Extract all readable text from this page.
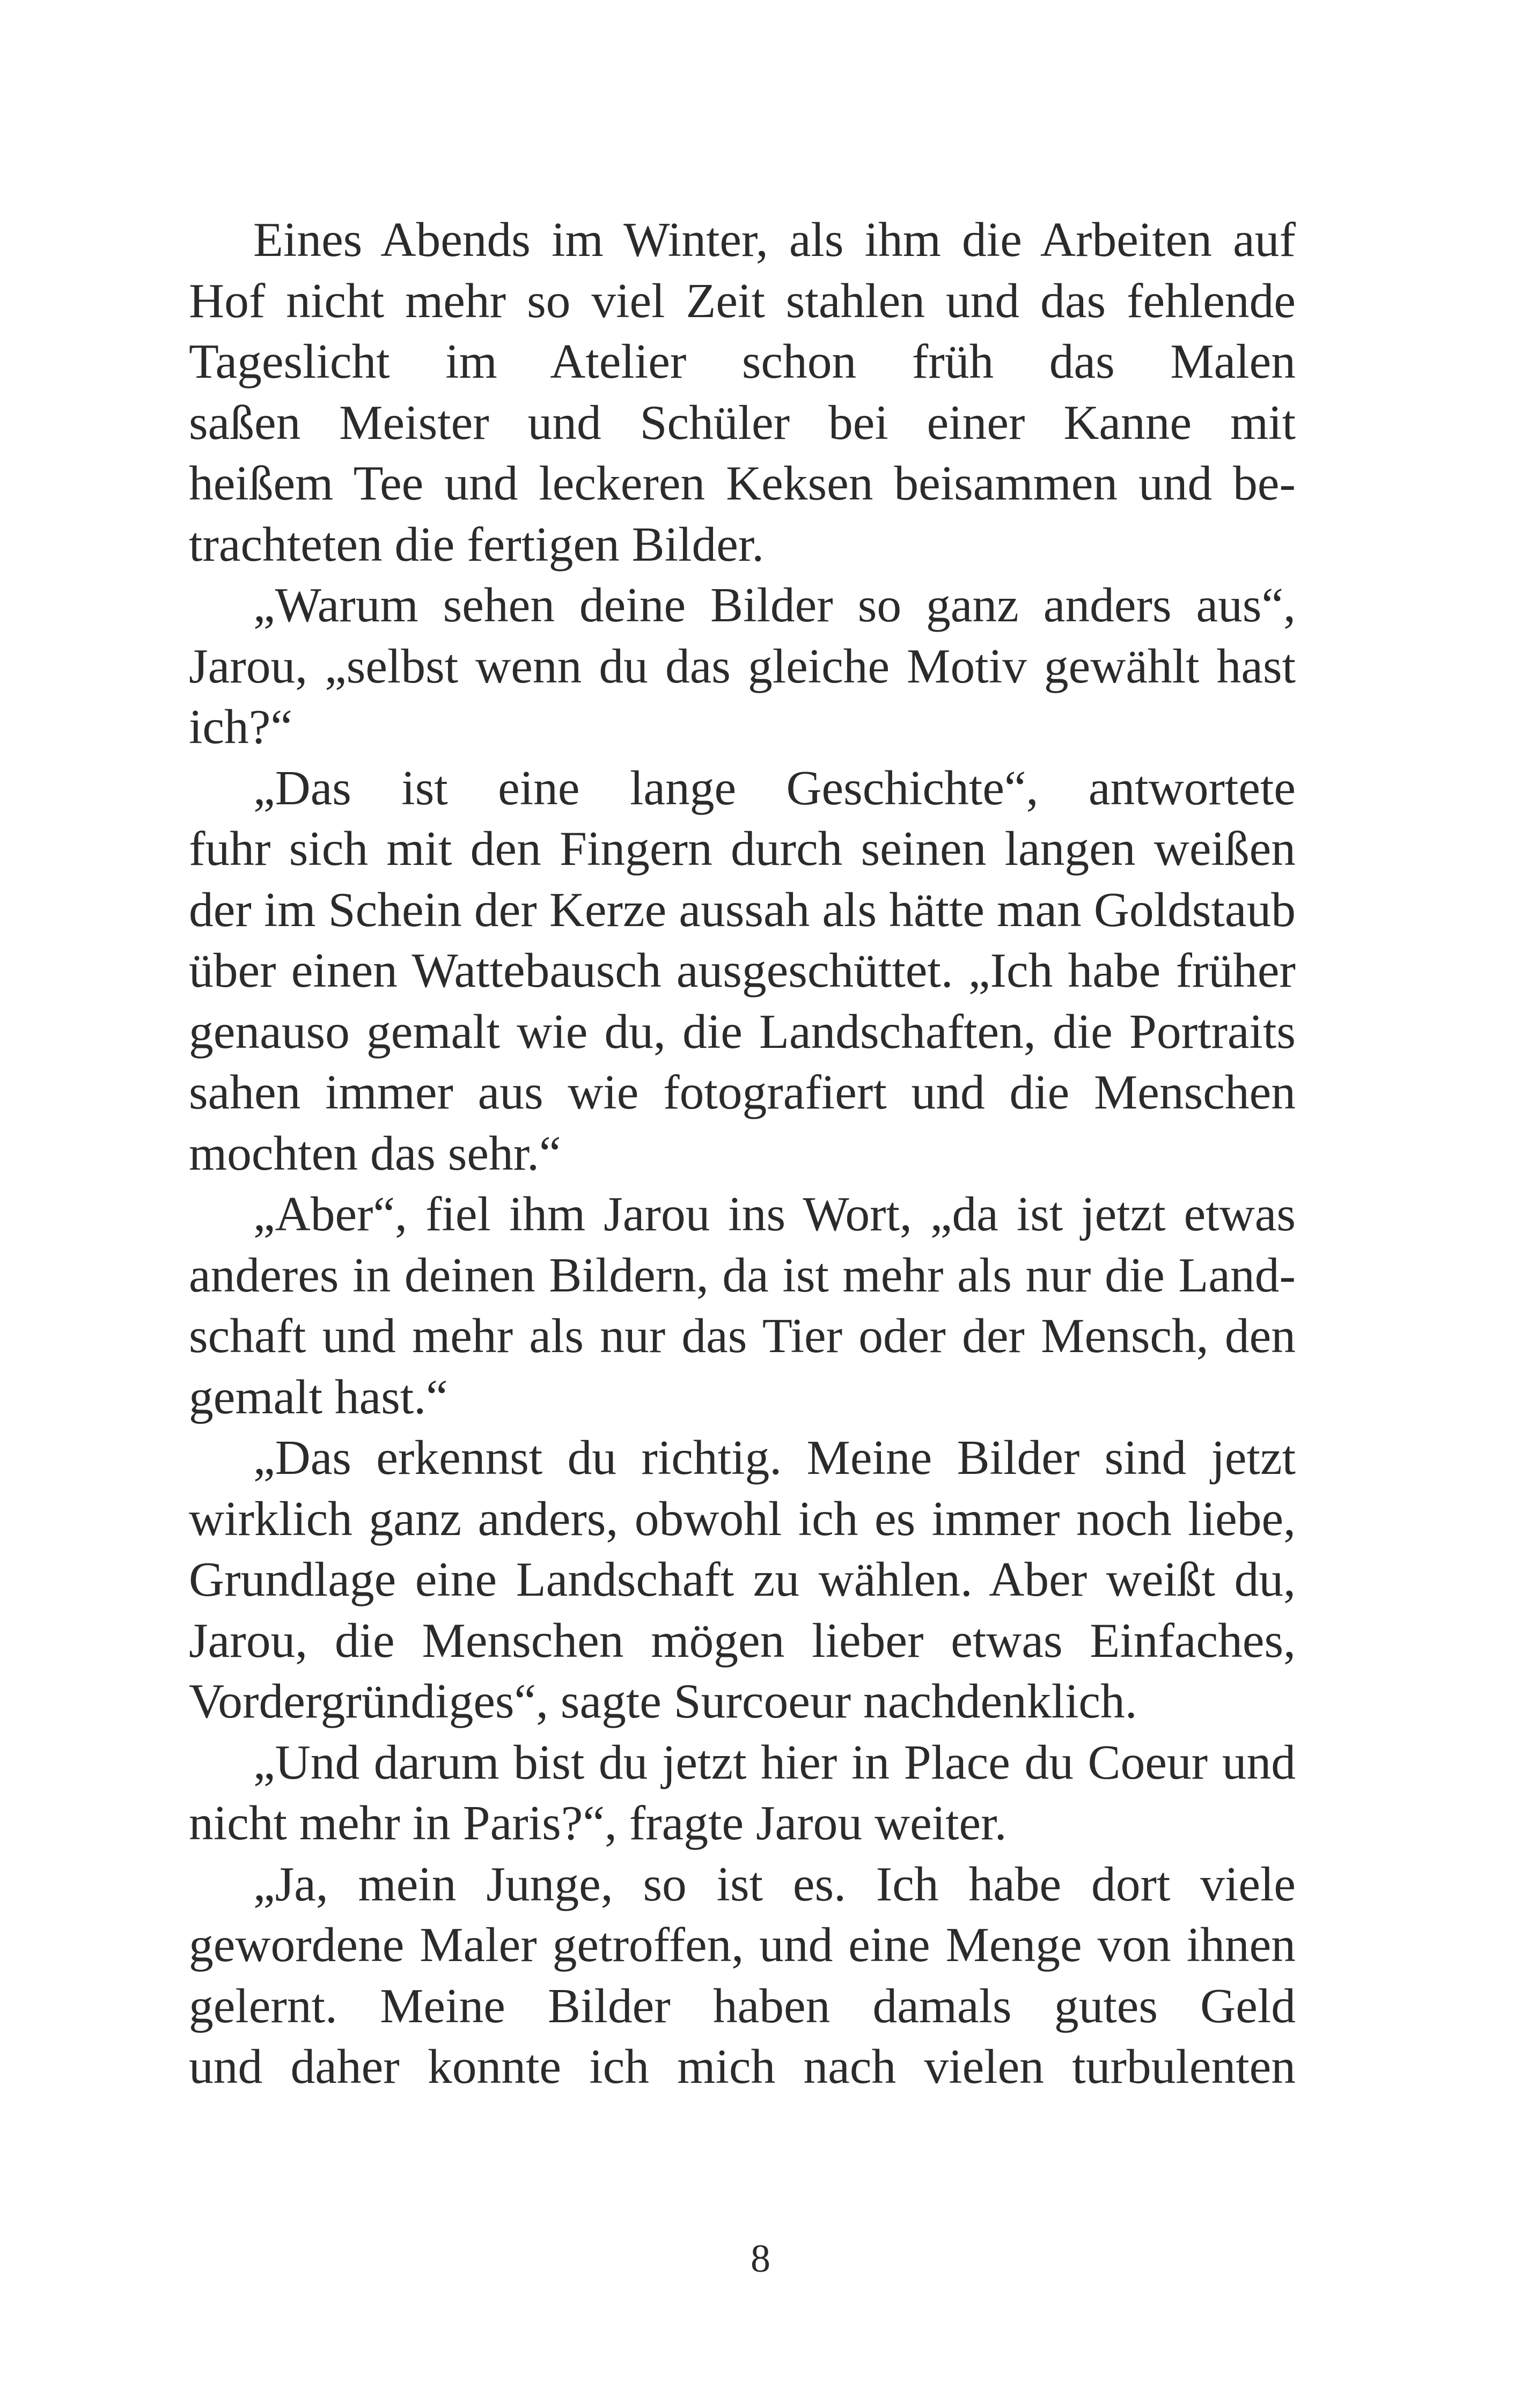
Eines Abends im Winter, als ihm die Arbeiten auf
Hof nicht mehr so viel Zeit stahlen und das fehlende
Tageslicht im Atelier schon früh das Malen
saßen Meister und Schüler bei einer Kanne mit
heißem Tee und leckeren Keksen beisammen und be-
trachteten die fertigen Bilder.
„Warum sehen deine Bilder so ganz anders aus“,
Jarou, „selbst wenn du das gleiche Motiv gewählt hast
ich?“
„Das ist eine lange Geschichte“, antwortete
fuhr sich mit den Fingern durch seinen langen weißen
der im Schein der Kerze aussah als hätte man Goldstaub
über einen Wattebausch ausgeschüttet. „Ich habe früher
genauso gemalt wie du, die Landschaften, die Portraits
sahen immer aus wie fotografiert und die Menschen
mochten das sehr.“
„Aber“, fiel ihm Jarou ins Wort, „da ist jetzt etwas
anderes in deinen Bildern, da ist mehr als nur die Land-
schaft und mehr als nur das Tier oder der Mensch, den
gemalt hast.“
„Das erkennst du richtig. Meine Bilder sind jetzt
wirklich ganz anders, obwohl ich es immer noch liebe,
Grundlage eine Landschaft zu wählen. Aber weißt du,
Jarou, die Menschen mögen lieber etwas Einfaches,
Vordergründiges“, sagte Surcoeur nachdenklich.
„Und darum bist du jetzt hier in Place du Coeur und
nicht mehr in Paris?“, fragte Jarou weiter.
„Ja, mein Junge, so ist es. Ich habe dort viele
gewordene Maler getroffen, und eine Menge von ihnen
gelernt. Meine Bilder haben damals gutes Geld
und daher konnte ich mich nach vielen turbulenten
8
